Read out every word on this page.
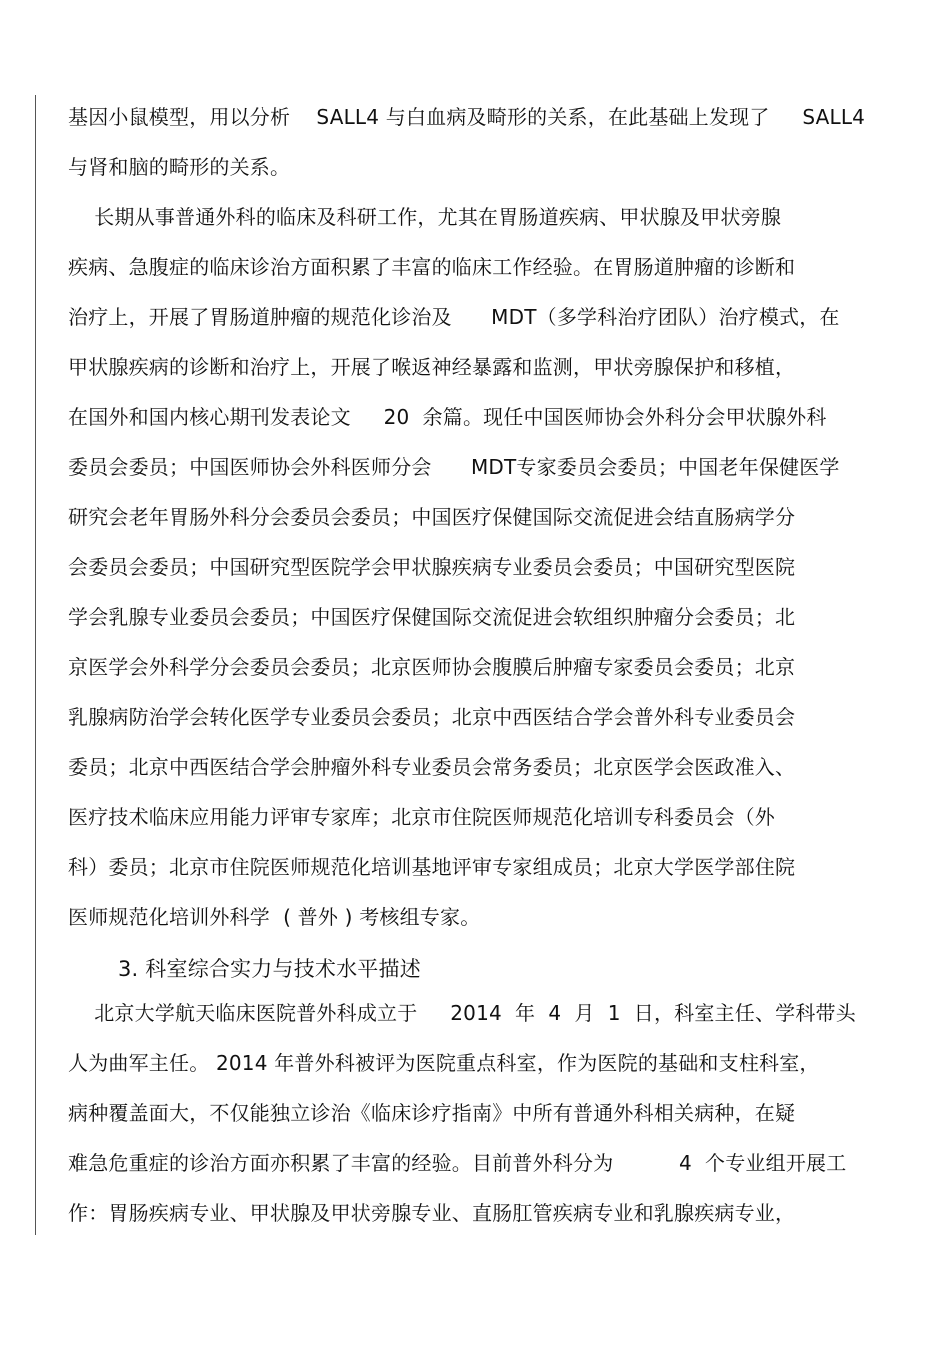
基因小鼠模型，用以分析    SALL4 与白血病及畸形的关系，在此基础上发现了     SALL4
与肾和脑的畸形的关系。
长期从事普通外科的临床及科研工作，尤其在胃肠道疾病、甲状腺及甲状旁腺
疾病、急腹症的临床诊治方面积累了丰富的临床工作经验。在胃肠道肿瘤的诊断和
治疗上，开展了胃肠道肿瘤的规范化诊治及      MDT（多学科治疗团队）治疗模式，在
甲状腺疾病的诊断和治疗上，开展了喉返神经暴露和监测，甲状旁腺保护和移植，
在国外和国内核心期刊发表论文     20  余篇。现任中国医师协会外科分会甲状腺外科
委员会委员；中国医师协会外科医师分会      MDT专家委员会委员；中国老年保健医学
研究会老年胃肠外科分会委员会委员；中国医疗保健国际交流促进会结直肠病学分
会委员会委员；中国研究型医院学会甲状腺疾病专业委员会委员；中国研究型医院
学会乳腺专业委员会委员；中国医疗保健国际交流促进会软组织肿瘤分会委员；北
京医学会外科学分会委员会委员；北京医师协会腹膜后肿瘤专家委员会委员；北京
乳腺病防治学会转化医学专业委员会委员；北京中西医结合学会普外科专业委员会
委员；北京中西医结合学会肿瘤外科专业委员会常务委员；北京医学会医政准入、
医疗技术临床应用能力评审专家库；北京市住院医师规范化培训专科委员会（外
科）委员；北京市住院医师规范化培训基地评审专家组成员；北京大学医学部住院
医师规范化培训外科学  ( 普外 ) 考核组专家。
3. 科室综合实力与技术水平描述
北京大学航天临床医院普外科成立于     2014  年  4  月  1  日，科室主任、学科带头
人为曲军主任。 2014 年普外科被评为医院重点科室，作为医院的基础和支柱科室，
病种覆盖面大，不仅能独立诊治《临床诊疗指南》中所有普通外科相关病种，在疑
难急危重症的诊治方面亦积累了丰富的经验。目前普外科分为          4  个专业组开展工
作：胃肠疾病专业、甲状腺及甲状旁腺专业、直肠肛管疾病专业和乳腺疾病专业，
